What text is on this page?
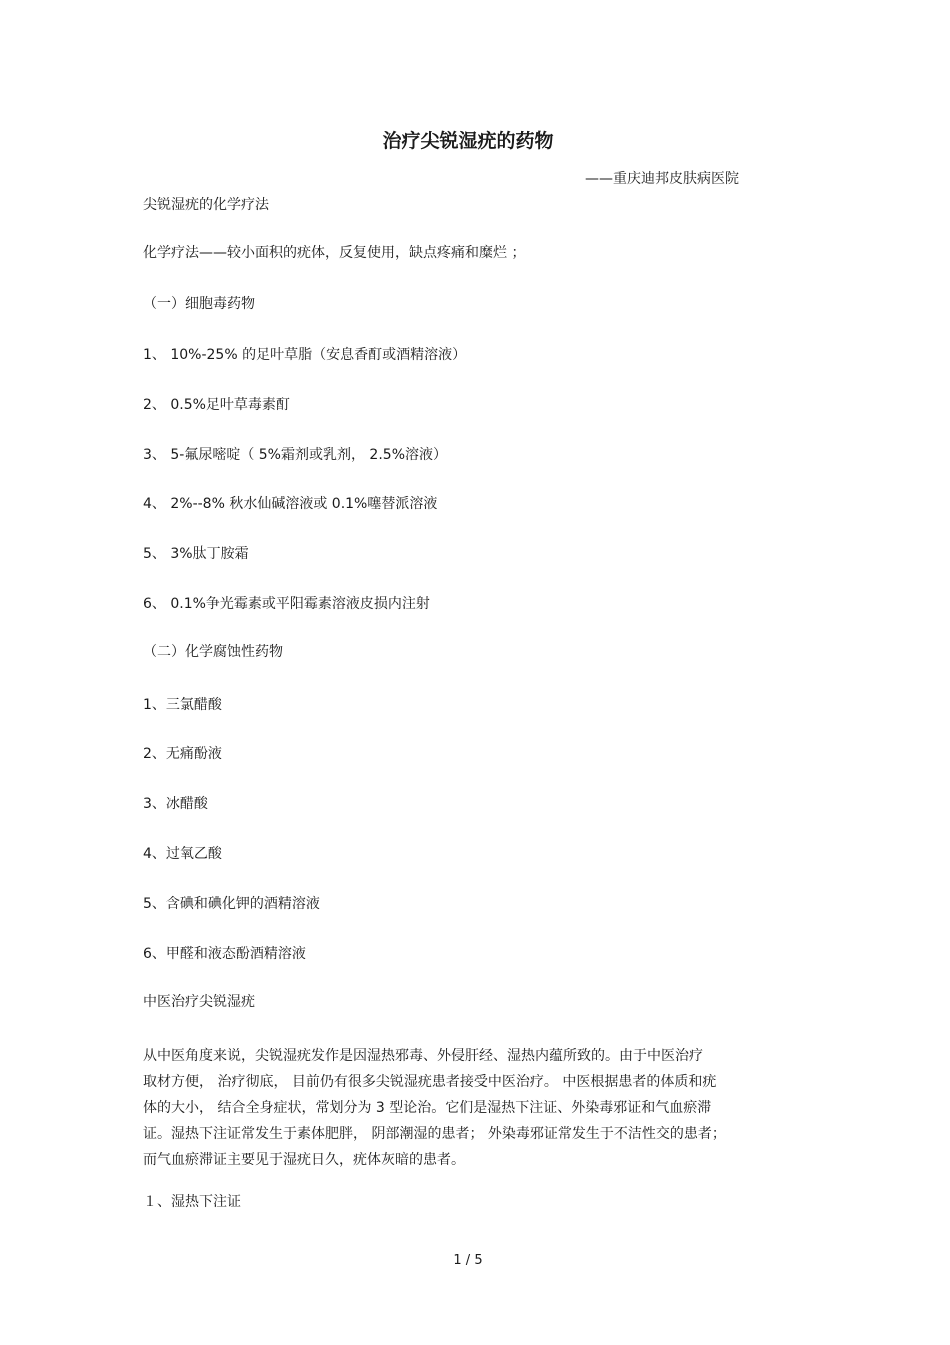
治疗尖锐湿疣的药物

——重庆迪邦皮肤病医院

尖锐湿疣的化学疗法

化学疗法——较小面积的疣体，反复使用，缺点疼痛和糜烂 ；

（一）细胞毒药物

1、 10%-25% 的足叶草脂（安息香酊或酒精溶液）

2、 0.5%足叶草毒素酊

3、 5-氟尿嘧啶（ 5%霜剂或乳剂， 2.5%溶液）

4、 2%--8% 秋水仙碱溶液或 0.1%噻替派溶液

5、 3%肽丁胺霜

6、 0.1%争光霉素或平阳霉素溶液皮损内注射

（二）化学腐蚀性药物

1、三氯醋酸

2、无痛酚液

3、冰醋酸

4、过氧乙酸

5、含碘和碘化钾的酒精溶液

6、甲醛和液态酚酒精溶液

中医治疗尖锐湿疣

从中医角度来说，尖锐湿疣发作是因湿热邪毒、外侵肝经、湿热内蕴所致的。由于中医治疗
取材方便， 治疗彻底， 目前仍有很多尖锐湿疣患者接受中医治疗。 中医根据患者的体质和疣
体的大小， 结合全身症状，常划分为 3 型论治。它们是湿热下注证、外染毒邪证和气血瘀滞
证。湿热下注证常发生于素体肥胖， 阴部潮湿的患者； 外染毒邪证常发生于不洁性交的患者；
而气血瘀滞证主要见于湿疣日久，疣体灰暗的患者。

１、湿热下注证

1 / 5
